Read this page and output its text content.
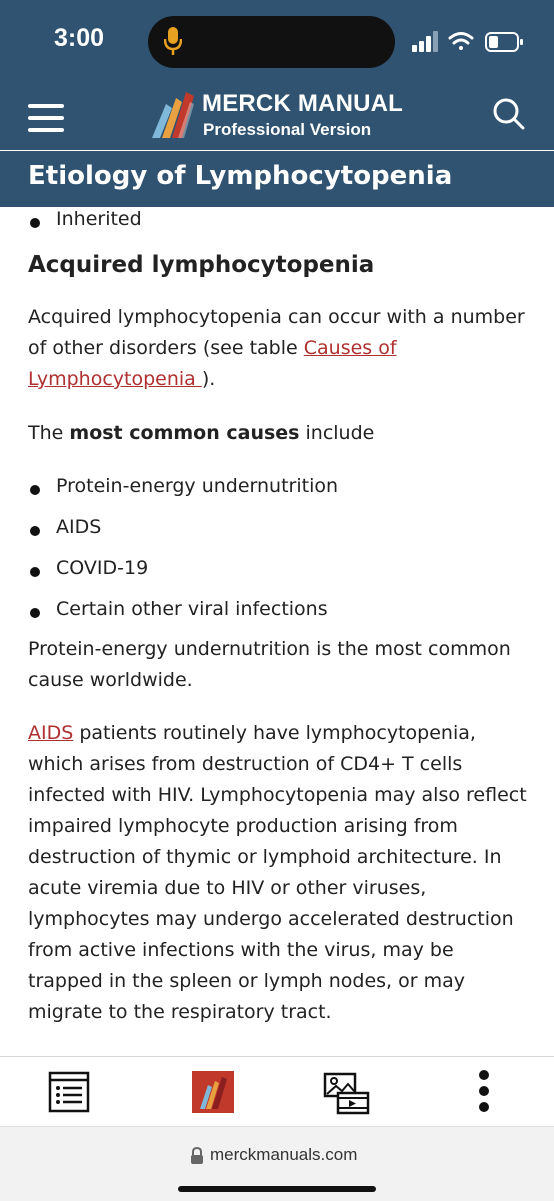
3:00
MERCK MANUAL
Professional Version
Etiology of Lymphocytopenia
Inherited
Acquired lymphocytopenia
Acquired lymphocytopenia can occur with a number of other disorders (see table Causes of Lymphocytopenia ).
The most common causes include
Protein-energy undernutrition
AIDS
COVID-19
Certain other viral infections
Protein-energy undernutrition is the most common cause worldwide.
AIDS patients routinely have lymphocytopenia, which arises from destruction of CD4+ T cells infected with HIV. Lymphocytopenia may also reflect impaired lymphocyte production arising from destruction of thymic or lymphoid architecture. In acute viremia due to HIV or other viruses, lymphocytes may undergo accelerated destruction from active infections with the virus, may be trapped in the spleen or lymph nodes, or may migrate to the respiratory tract.
merckmanuals.com
